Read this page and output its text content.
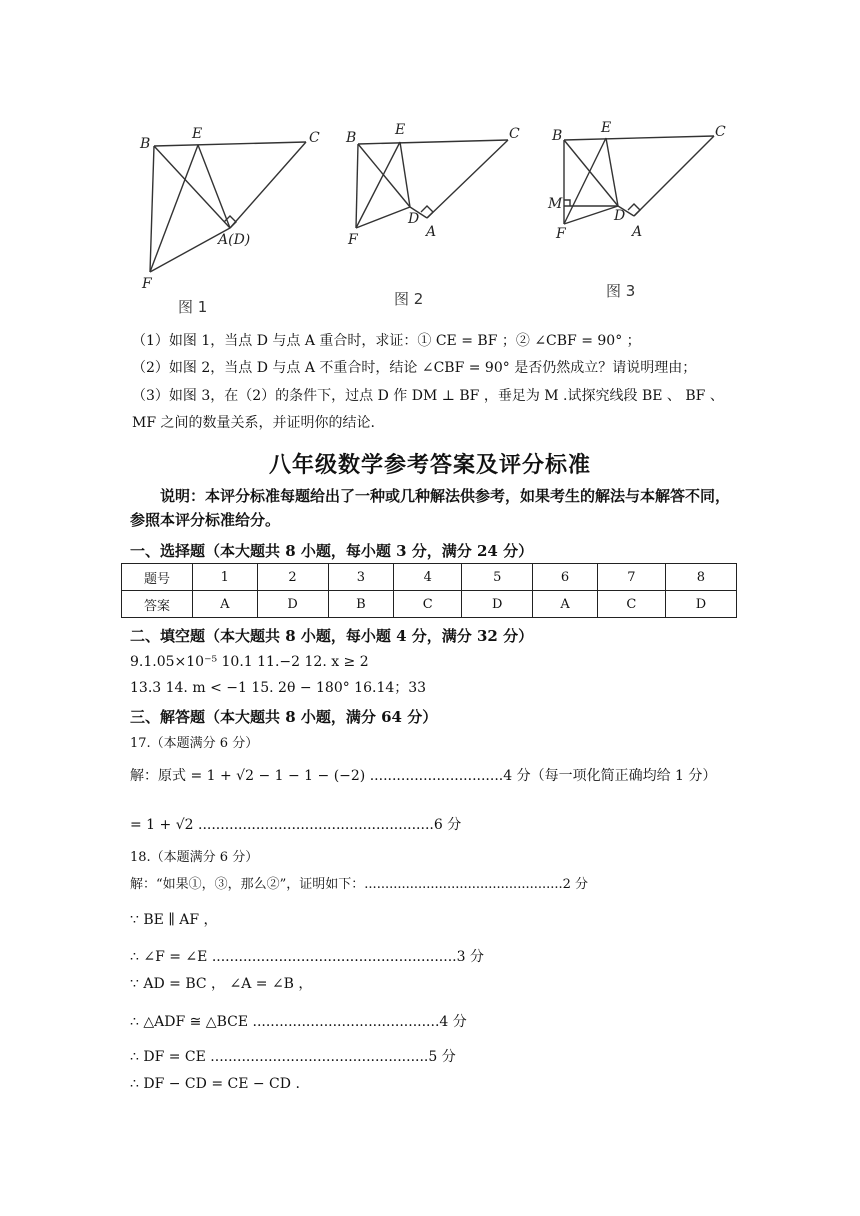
B
E	C
A(D)
F
图 1
B	E	C
D
A
F
图 2
B	E	C
M
D
A
F
图 3
（1）如图 1，当点 D 与点 A 重合时，求证：① CE = BF ；② ∠CBF = 90° ；
（2）如图 2，当点 D 与点 A 不重合时，结论 ∠CBF = 90° 是否仍然成立？请说明理由；
（3）如图 3，在（2）的条件下，过点 D 作 DM ⊥ BF ，垂足为 M .试探究线段 BE 、 BF 、
MF 之间的数量关系，并证明你的结论.
八年级数学参考答案及评分标准
说明：本评分标准每题给出了一种或几种解法供参考，如果考生的解法与本解答不同，参照本评分标准给分。
一、选择题（本大题共 8 小题，每小题 3 分，满分 24 分）
题号	1	2	3	4	5	6	7	8
答案	A	D	B	C	D	A	C	D
二、填空题（本大题共 8 小题，每小题 4 分，满分 32 分）
9.1.05×10⁻⁵ 10.1 11.−2 12. x ≥ 2
13.3 14. m < −1 15. 2θ − 180° 16.14；33
三、解答题（本大题共 8 小题，满分 64 分）
17.（本题满分 6 分）
解：原式 = 1 + √2 − 1 − 1 − (−2) ..............................4 分（每一项化简正确均给 1 分）
= 1 + √2 .....................................................6 分
18.（本题满分 6 分）
解：“如果①，③，那么②”，证明如下：................................................2 分
∵ BE ∥ AF ，
∴ ∠F = ∠E .......................................................3 分
∵ AD = BC ， ∠A = ∠B ，
∴ △ADF ≅ △BCE ..........................................4 分
∴ DF = CE .................................................5 分
∴ DF − CD = CE − CD .
